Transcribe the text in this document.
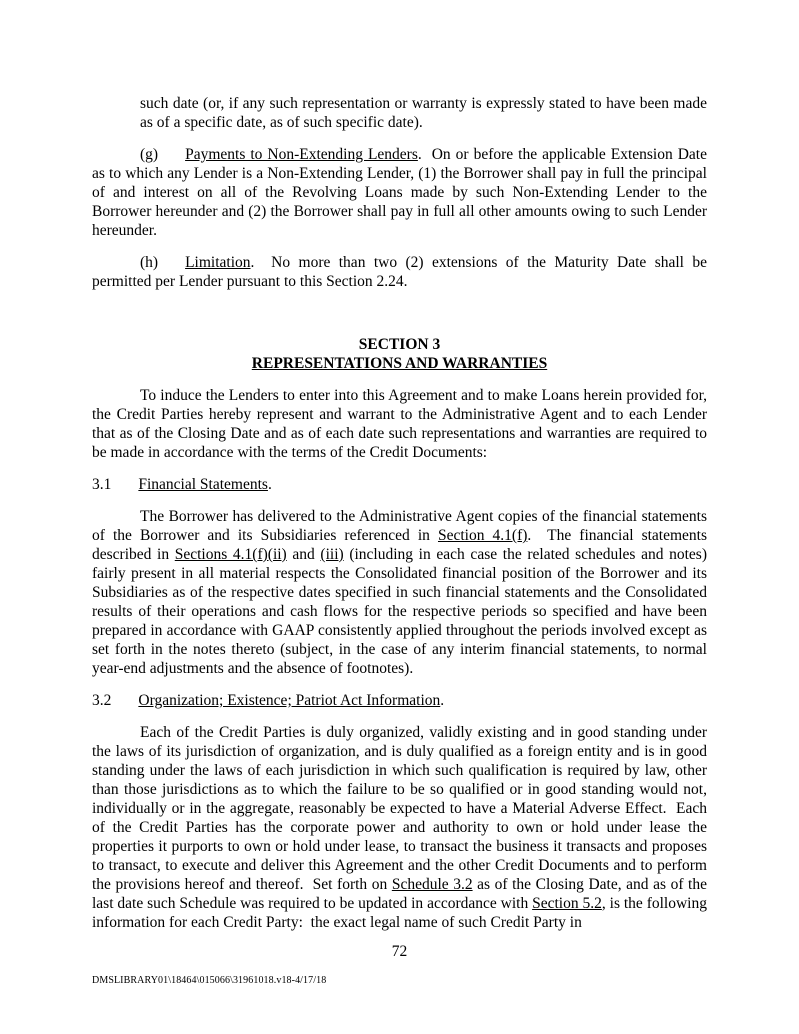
such date (or, if any such representation or warranty is expressly stated to have been made as of a specific date, as of such specific date).

(g) Payments to Non-Extending Lenders.  On or before the applicable Extension Date as to which any Lender is a Non-Extending Lender, (1) the Borrower shall pay in full the principal of and interest on all of the Revolving Loans made by such Non-Extending Lender to the Borrower hereunder and (2) the Borrower shall pay in full all other amounts owing to such Lender hereunder.

(h) Limitation.  No more than two (2) extensions of the Maturity Date shall be permitted per Lender pursuant to this Section 2.24.

SECTION 3

REPRESENTATIONS AND WARRANTIES

To induce the Lenders to enter into this Agreement and to make Loans herein provided for, the Credit Parties hereby represent and warrant to the Administrative Agent and to each Lender that as of the Closing Date and as of each date such representations and warranties are required to be made in accordance with the terms of the Credit Documents:

3.1 Financial Statements.

The Borrower has delivered to the Administrative Agent copies of the financial statements of the Borrower and its Subsidiaries referenced in Section 4.1(f).  The financial statements described in Sections 4.1(f)(ii) and (iii) (including in each case the related schedules and notes) fairly present in all material respects the Consolidated financial position of the Borrower and its Subsidiaries as of the respective dates specified in such financial statements and the Consolidated results of their operations and cash flows for the respective periods so specified and have been prepared in accordance with GAAP consistently applied throughout the periods involved except as set forth in the notes thereto (subject, in the case of any interim financial statements, to normal year-end adjustments and the absence of footnotes).

3.2 Organization; Existence; Patriot Act Information.

Each of the Credit Parties is duly organized, validly existing and in good standing under the laws of its jurisdiction of organization, and is duly qualified as a foreign entity and is in good standing under the laws of each jurisdiction in which such qualification is required by law, other than those jurisdictions as to which the failure to be so qualified or in good standing would not, individually or in the aggregate, reasonably be expected to have a Material Adverse Effect.  Each of the Credit Parties has the corporate power and authority to own or hold under lease the properties it purports to own or hold under lease, to transact the business it transacts and proposes to transact, to execute and deliver this Agreement and the other Credit Documents and to perform the provisions hereof and thereof.  Set forth on Schedule 3.2 as of the Closing Date, and as of the last date such Schedule was required to be updated in accordance with Section 5.2, is the following information for each Credit Party:  the exact legal name of such Credit Party in

72
DMSLIBRARY01\18464\015066\31961018.v18-4/17/18
